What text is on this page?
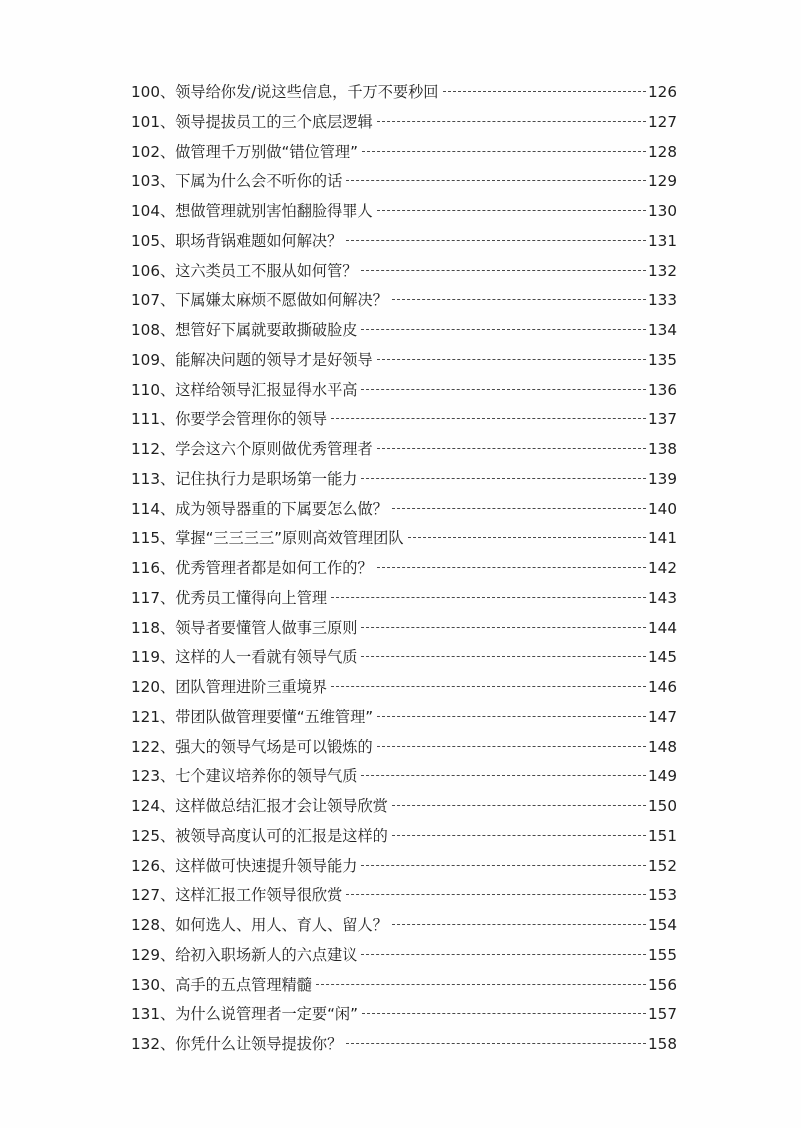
100、 领导给你发/说这些信息，千万不要秒回	126
101、 领导提拔员工的三个底层逻辑	127
102、 做管理千万别做“错位管理”	128
103、 下属为什么会不听你的话	129
104、 想做管理就别害怕翻脸得罪人	130
105、 职场背锅难题如何解决？	131
106、 这六类员工不服从如何管？	132
107、 下属嫌太麻烦不愿做如何解决？	133
108、 想管好下属就要敢撕破脸皮	134
109、 能解决问题的领导才是好领导	135
110、 这样给领导汇报显得水平高	136
111、 你要学会管理你的领导	137
112、 学会这六个原则做优秀管理者	138
113、 记住执行力是职场第一能力	139
114、 成为领导器重的下属要怎么做？	140
115、 掌握“三三三三”原则高效管理团队	141
116、 优秀管理者都是如何工作的？	142
117、 优秀员工懂得向上管理	143
118、 领导者要懂管人做事三原则	144
119、 这样的人一看就有领导气质	145
120、 团队管理进阶三重境界	146
121、 带团队做管理要懂“五维管理”	147
122、 强大的领导气场是可以锻炼的	148
123、 七个建议培养你的领导气质	149
124、 这样做总结汇报才会让领导欣赏	150
125、 被领导高度认可的汇报是这样的	151
126、 这样做可快速提升领导能力	152
127、 这样汇报工作领导很欣赏	153
128、 如何选人、用人、育人、留人？	154
129、 给初入职场新人的六点建议	155
130、 高手的五点管理精髓	156
131、 为什么说管理者一定要“闲”	157
132、 你凭什么让领导提拔你？	158
